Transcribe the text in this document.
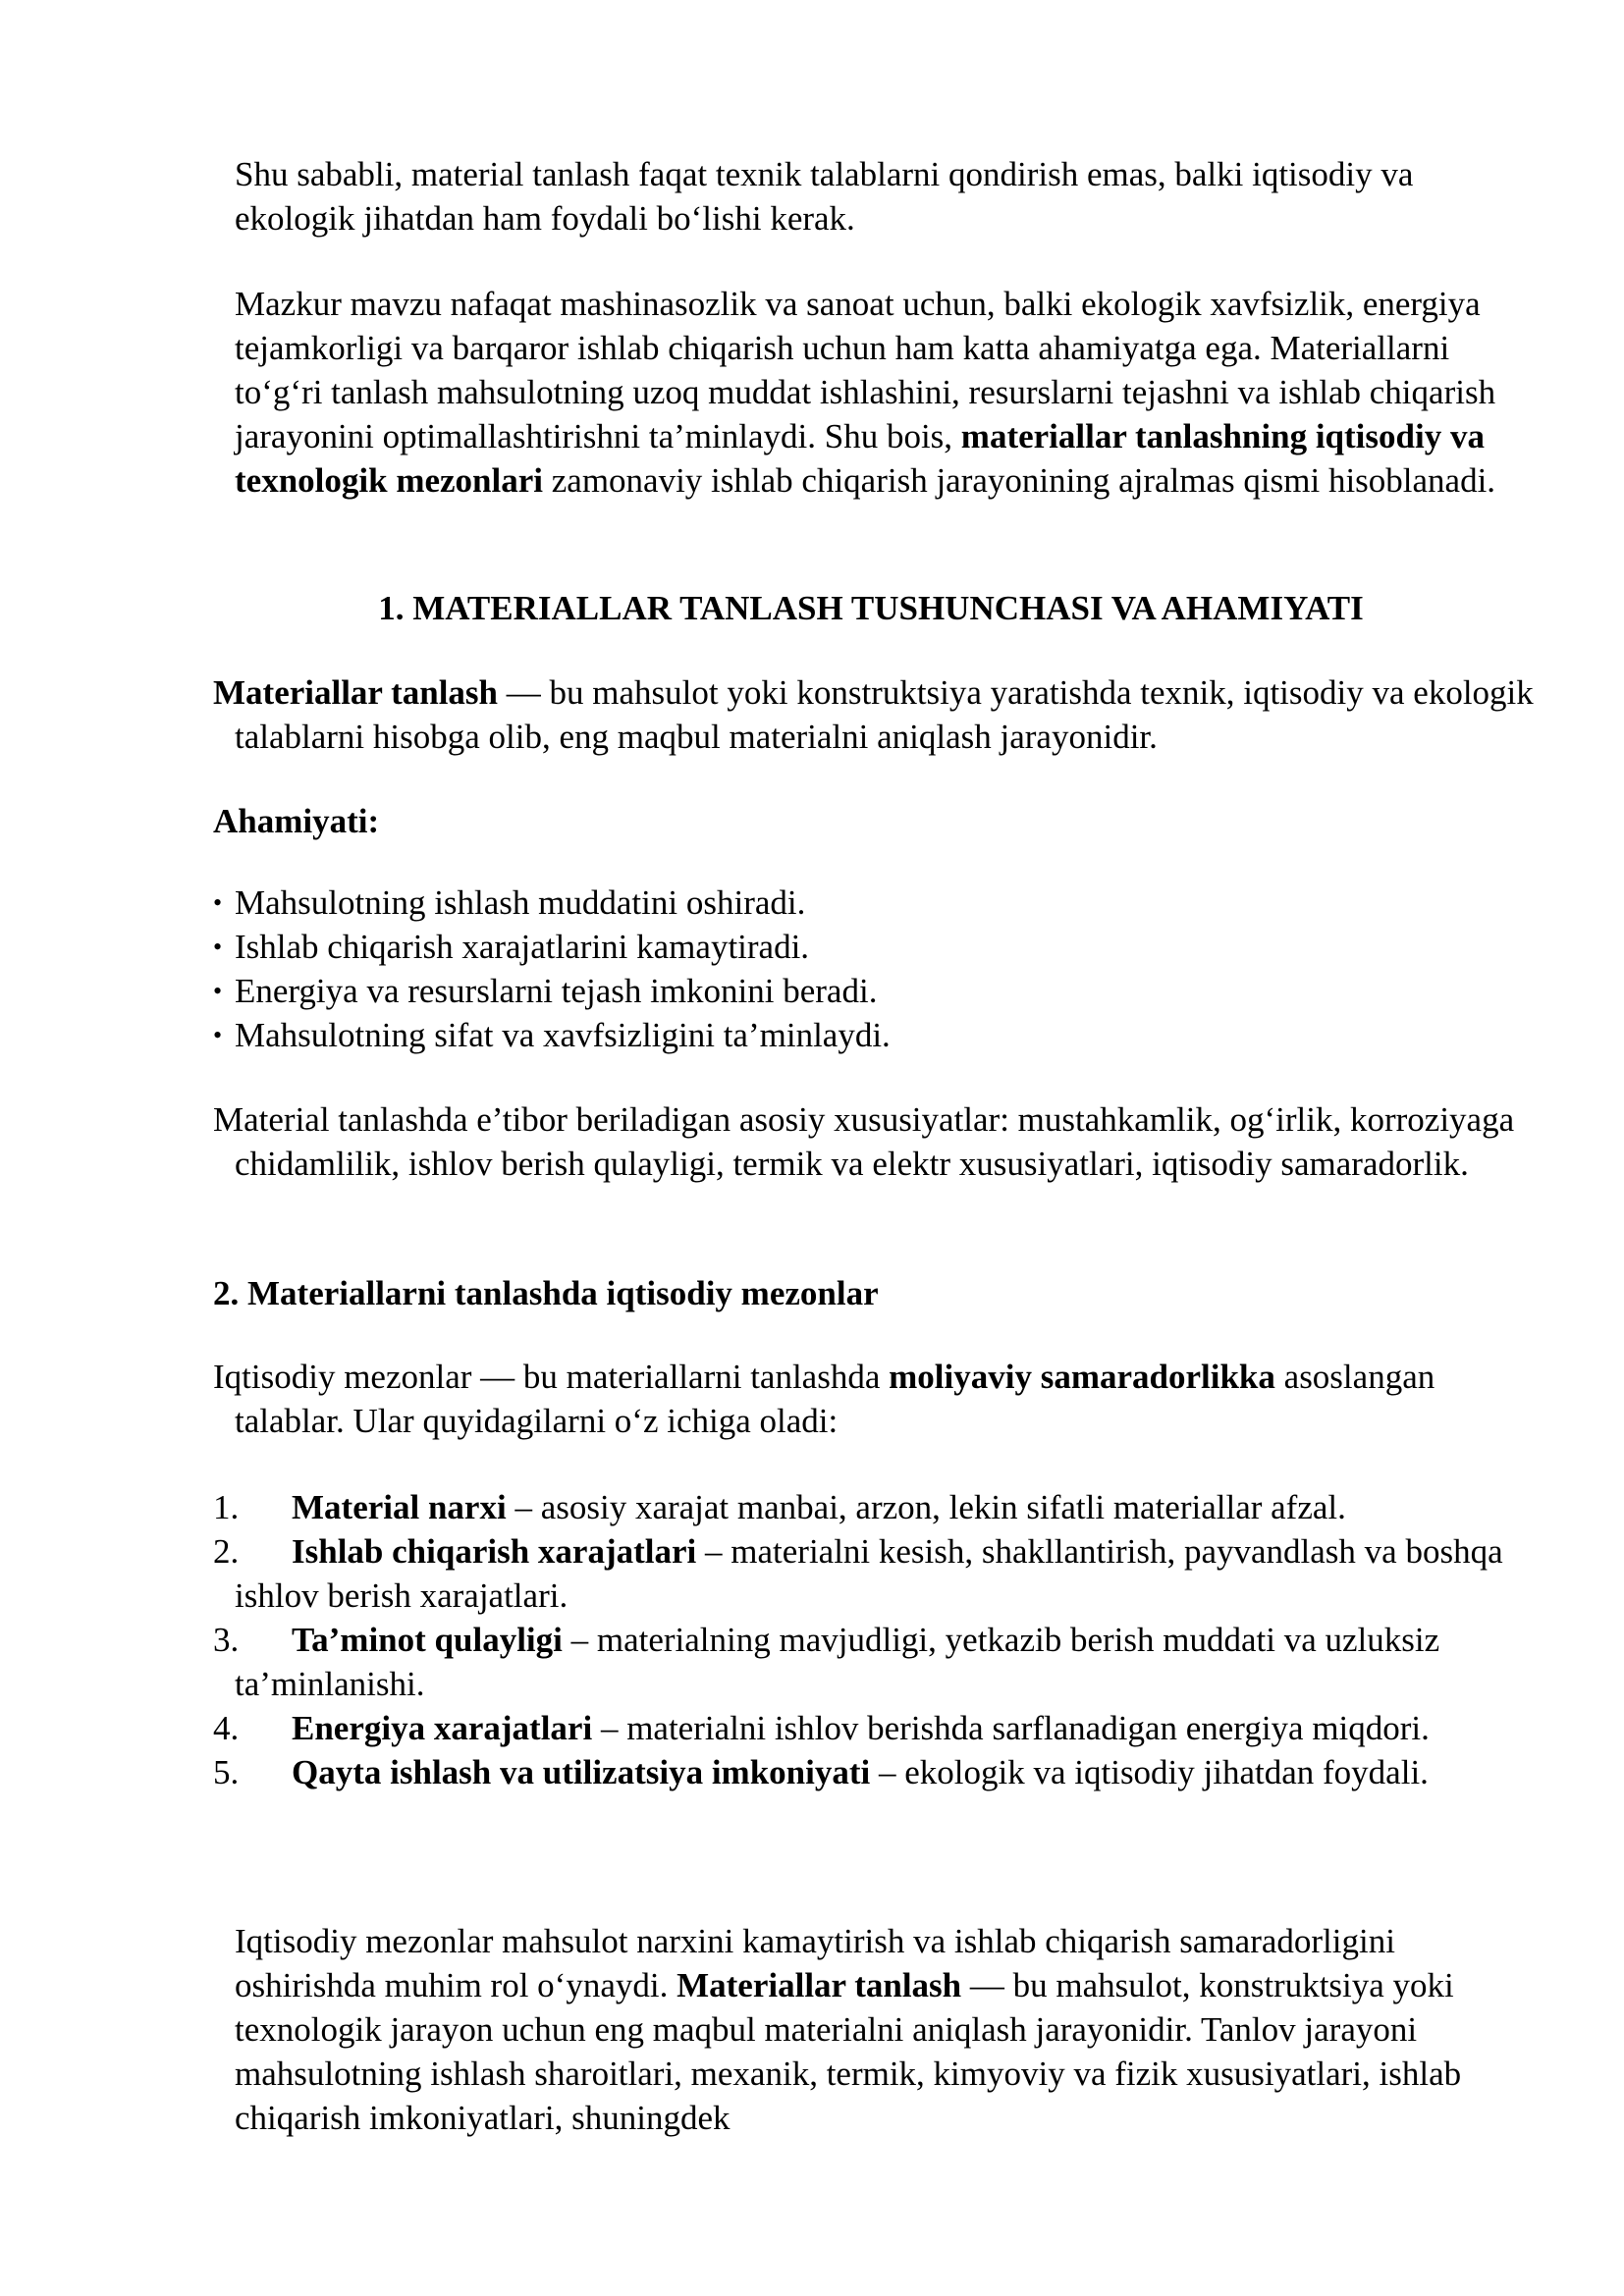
Shu sababli, material tanlash faqat texnik talablarni qondirish emas, balki iqtisodiy va ekologik jihatdan ham foydali bo‘lishi kerak.

Mazkur mavzu nafaqat mashinasozlik va sanoat uchun, balki ekologik xavfsizlik, energiya tejamkorligi va barqaror ishlab chiqarish uchun ham katta ahamiyatga ega. Materiallarni to‘g‘ri tanlash mahsulotning uzoq muddat ishlashini, resurslarni tejashni va ishlab chiqarish jarayonini optimallashtirishni ta’minlaydi. Shu bois, materiallar tanlashning iqtisodiy va texnologik mezonlari zamonaviy ishlab chiqarish jarayonining ajralmas qismi hisoblanadi.

1. MATERIALLAR TANLASH TUSHUNCHASI VA AHAMIYATI

Materiallar tanlash — bu mahsulot yoki konstruktsiya yaratishda texnik, iqtisodiy va ekologik talablarni hisobga olib, eng maqbul materialni aniqlash jarayonidir.

Ahamiyati:
• Mahsulotning ishlash muddatini oshiradi.
• Ishlab chiqarish xarajatlarini kamaytiradi.
• Energiya va resurslarni tejash imkonini beradi.
• Mahsulotning sifat va xavfsizligini ta’minlaydi.

Material tanlashda e’tibor beriladigan asosiy xususiyatlar: mustahkamlik, og‘irlik, korroziyaga chidamlilik, ishlov berish qulayligi, termik va elektr xususiyatlari, iqtisodiy samaradorlik.

2. Materiallarni tanlashda iqtisodiy mezonlar

Iqtisodiy mezonlar — bu materiallarni tanlashda moliyaviy samaradorlikka asoslangan talablar. Ular quyidagilarni o‘z ichiga oladi:

1. Material narxi – asosiy xarajat manbai, arzon, lekin sifatli materiallar afzal.
2. Ishlab chiqarish xarajatlari – materialni kesish, shakllantirish, payvandlash va boshqa ishlov berish xarajatlari.
3. Ta’minot qulayligi – materialning mavjudligi, yetkazib berish muddati va uzluksiz ta’minlanishi.
4. Energiya xarajatlari – materialni ishlov berishda sarflanadigan energiya miqdori.
5. Qayta ishlash va utilizatsiya imkoniyati – ekologik va iqtisodiy jihatdan foydali.

Iqtisodiy mezonlar mahsulot narxini kamaytirish va ishlab chiqarish samaradorligini oshirishda muhim rol o‘ynaydi. Materiallar tanlash — bu mahsulot, konstruktsiya yoki texnologik jarayon uchun eng maqbul materialni aniqlash jarayonidir. Tanlov jarayoni mahsulotning ishlash sharoitlari, mexanik, termik, kimyoviy va fizik xususiyatlari, ishlab chiqarish imkoniyatlari, shuningdek
